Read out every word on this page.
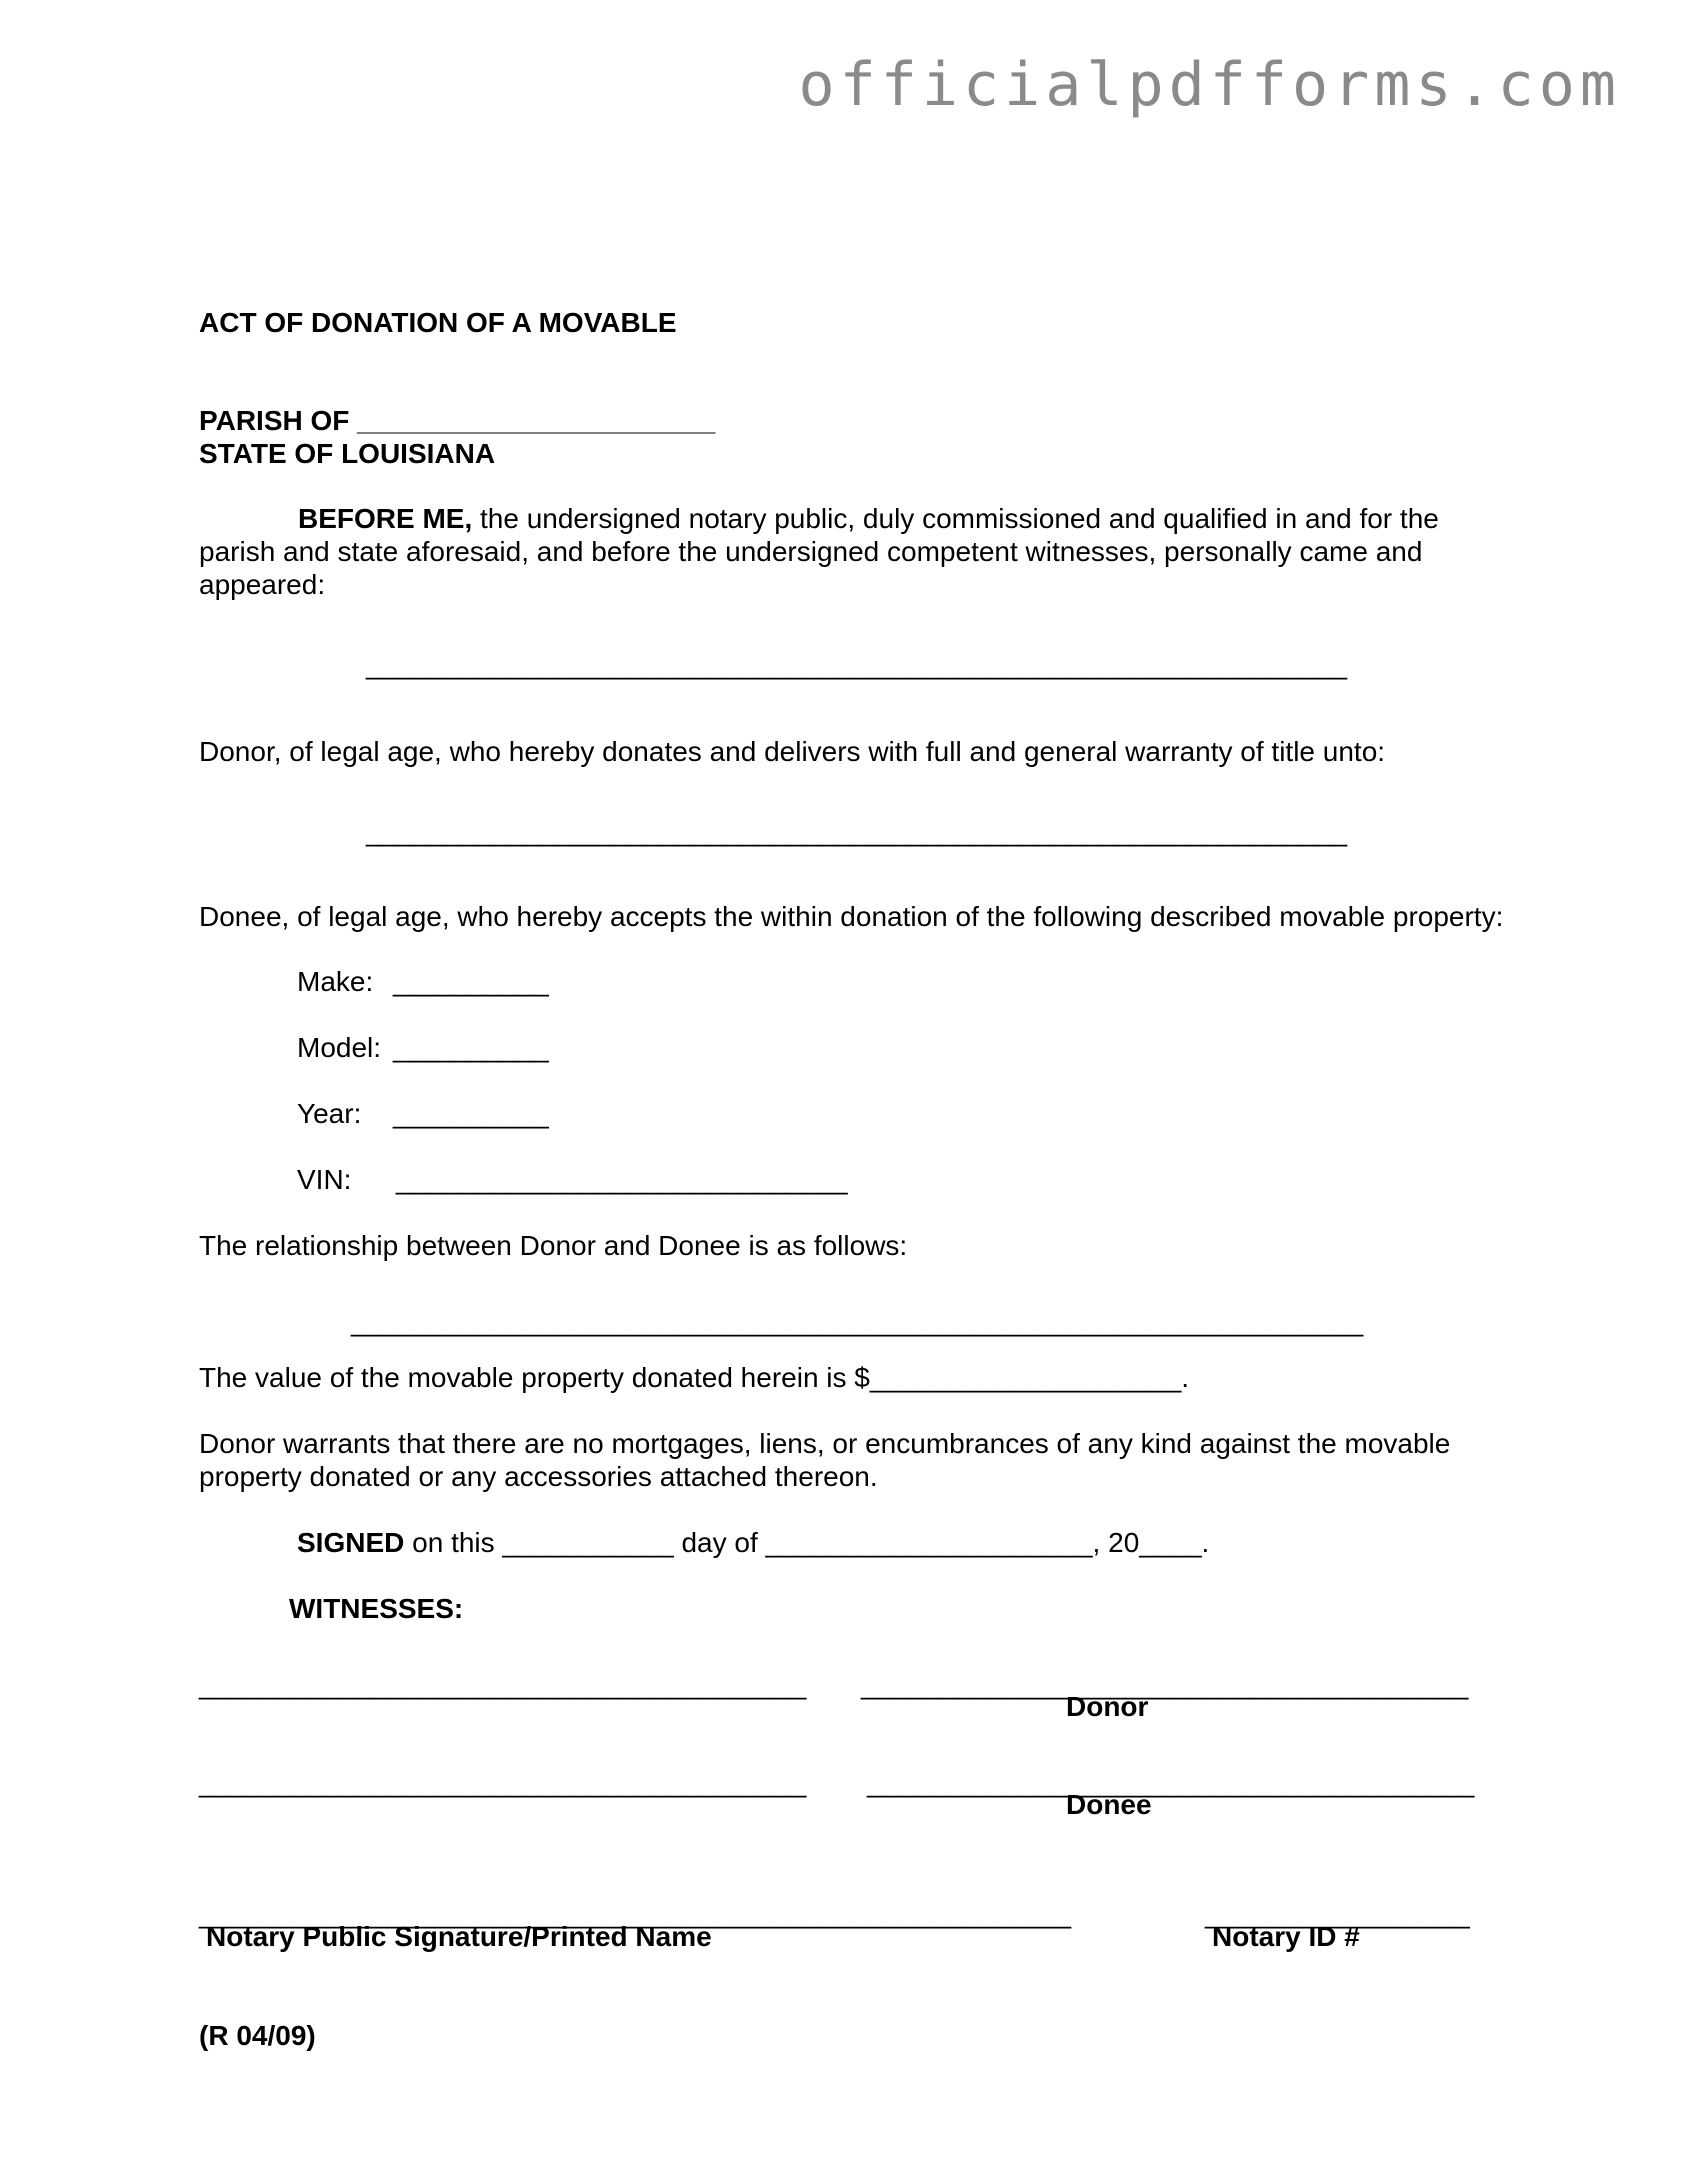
officialpdfforms.com
ACT OF DONATION OF A MOVABLE
PARISH OF _______________________
STATE OF LOUISIANA
BEFORE ME, the undersigned notary public, duly commissioned and qualified in and for the parish and state aforesaid, and before the undersigned competent witnesses, personally came and appeared:
_______________________________________________________________
Donor, of legal age, who hereby donates and delivers with full and general warranty of title unto:
_______________________________________________________________
Donee, of legal age, who hereby accepts the within donation of the following described movable property:
Make: __________
Model: __________
Year: __________
VIN: _____________________________
The relationship between Donor and Donee is as follows:
_________________________________________________________________
The value of the movable property donated herein is $____________________.
Donor warrants that there are no mortgages, liens, or encumbrances of any kind against the movable property donated or any accessories attached thereon.
SIGNED on this ___________ day of _____________________, 20____.
WITNESSES:
_______________________________________ _______________________________________
Donor
_______________________________________ _______________________________________
Donee
________________________________________________________
Notary Public Signature/Printed Name
_________________
Notary ID #
(R 04/09)
